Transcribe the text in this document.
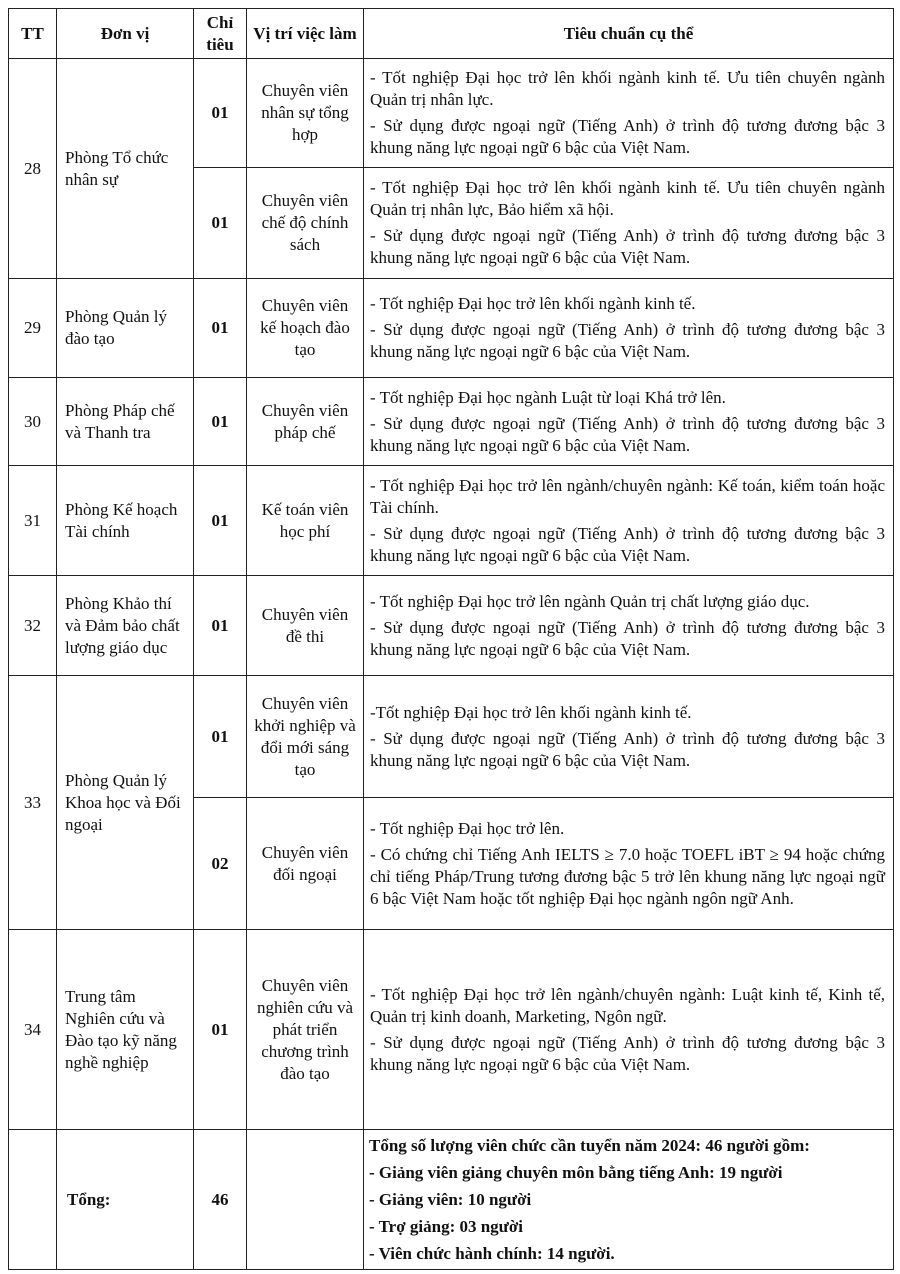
TT	Đơn vị	Chỉ tiêu	Vị trí việc làm	Tiêu chuẩn cụ thể
28	Phòng Tổ chức nhân sự	01	Chuyên viên nhân sự tổng hợp	- Tốt nghiệp Đại học trở lên khối ngành kinh tế. Ưu tiên chuyên ngành Quản trị nhân lực.

- Sử dụng được ngoại ngữ (Tiếng Anh) ở trình độ tương đương bậc 3 khung năng lực ngoại ngữ 6 bậc của Việt Nam.

		01	Chuyên viên chế độ chính sách	- Tốt nghiệp Đại học trở lên khối ngành kinh tế. Ưu tiên chuyên ngành Quản trị nhân lực, Bảo hiểm xã hội.

- Sử dụng được ngoại ngữ (Tiếng Anh) ở trình độ tương đương bậc 3 khung năng lực ngoại ngữ 6 bậc của Việt Nam.

29	Phòng Quản lý đào tạo	01	Chuyên viên kế hoạch đào tạo	- Tốt nghiệp Đại học trở lên khối ngành kinh tế.

- Sử dụng được ngoại ngữ (Tiếng Anh) ở trình độ tương đương bậc 3 khung năng lực ngoại ngữ 6 bậc của Việt Nam.

30	Phòng Pháp chế và Thanh tra	01	Chuyên viên pháp chế	- Tốt nghiệp Đại học ngành Luật từ loại Khá trở lên.

- Sử dụng được ngoại ngữ (Tiếng Anh) ở trình độ tương đương bậc 3 khung năng lực ngoại ngữ 6 bậc của Việt Nam.

31	Phòng Kế hoạch Tài chính	01	Kế toán viên học phí	- Tốt nghiệp Đại học trở lên ngành/chuyên ngành: Kế toán, kiểm toán hoặc Tài chính.

- Sử dụng được ngoại ngữ (Tiếng Anh) ở trình độ tương đương bậc 3 khung năng lực ngoại ngữ 6 bậc của Việt Nam.

32	Phòng Khảo thí và Đảm bảo chất lượng giáo dục	01	Chuyên viên đề thi	- Tốt nghiệp Đại học trở lên ngành Quản trị chất lượng giáo dục.

- Sử dụng được ngoại ngữ (Tiếng Anh) ở trình độ tương đương bậc 3 khung năng lực ngoại ngữ 6 bậc của Việt Nam.

33	Phòng Quản lý Khoa học và Đối ngoại	01	Chuyên viên khởi nghiệp và đổi mới sáng tạo	-Tốt nghiệp Đại học trở lên khối ngành kinh tế.

- Sử dụng được ngoại ngữ (Tiếng Anh) ở trình độ tương đương bậc 3 khung năng lực ngoại ngữ 6 bậc của Việt Nam.

		02	Chuyên viên đối ngoại	- Tốt nghiệp Đại học trở lên.

- Có chứng chỉ Tiếng Anh IELTS ≥ 7.0 hoặc TOEFL iBT ≥ 94 hoặc chứng chỉ tiếng Pháp/Trung tương đương bậc 5 trở lên khung năng lực ngoại ngữ 6 bậc Việt Nam hoặc tốt nghiệp Đại học ngành ngôn ngữ Anh.

34	Trung tâm Nghiên cứu và Đào tạo kỹ năng nghề nghiệp	01	Chuyên viên nghiên cứu và phát triển chương trình đào tạo	- Tốt nghiệp Đại học trở lên ngành/chuyên ngành: Luật kinh tế, Kinh tế, Quản trị kinh doanh, Marketing, Ngôn ngữ.

- Sử dụng được ngoại ngữ (Tiếng Anh) ở trình độ tương đương bậc 3 khung năng lực ngoại ngữ 6 bậc của Việt Nam.

	Tổng:	46		Tổng số lượng viên chức cần tuyển năm 2024: 46 người gồm:

- Giảng viên giảng chuyên môn bằng tiếng Anh: 19 người

- Giảng viên: 10 người

- Trợ giảng: 03 người

- Viên chức hành chính: 14 người.
